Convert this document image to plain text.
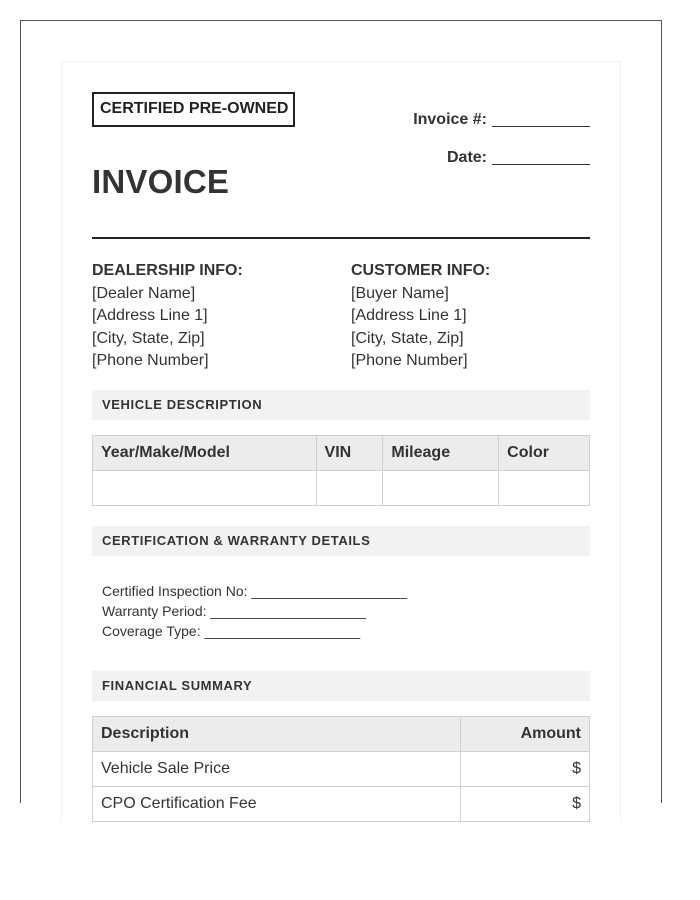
CERTIFIED PRE-OWNED
Invoice #:
Date:
INVOICE
DEALERSHIP INFO:
[Dealer Name]
[Address Line 1]
[City, State, Zip]
[Phone Number]
CUSTOMER INFO:
[Buyer Name]
[Address Line 1]
[City, State, Zip]
[Phone Number]
VEHICLE DESCRIPTION
Year/Make/Model	VIN	Mileage	Color

CERTIFICATION & WARRANTY DETAILS
Certified Inspection No: ____________________
Warranty Period: ____________________
Coverage Type: ____________________
FINANCIAL SUMMARY
Description	Amount
Vehicle Sale Price	$
CPO Certification Fee	$
